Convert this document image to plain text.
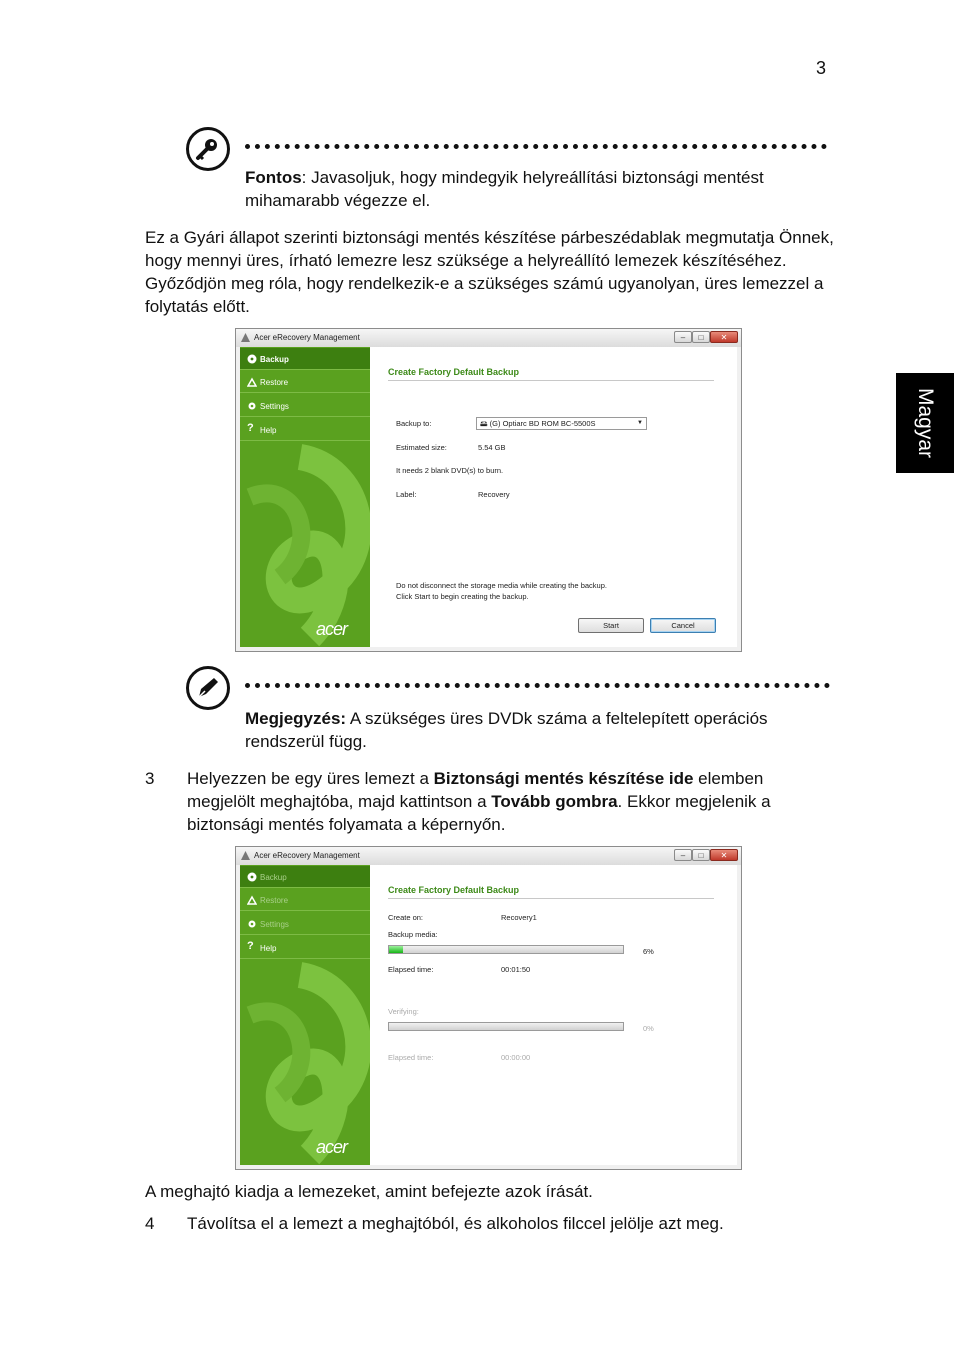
3
Magyar
Fontos: Javasoljuk, hogy mindegyik helyreállítási biztonsági mentést mihamarabb végezze el.
Ez a Gyári állapot szerinti biztonsági mentés készítése párbeszédablak megmutatja Önnek, hogy mennyi üres, írható lemezre lesz szüksége a helyreállító lemezek készítéséhez. Győződjön meg róla, hogy rendelkezik-e a szükséges számú ugyanolyan, üres lemezzel a folytatás előtt.
Acer eRecovery Management	–	□	✕
Backup
Restore
Settings
? Help
acer
Create Factory Default Backup
Backup to:	🖴 (G) Optiarc BD ROM BC-5500S	▼
Estimated size:	5.54 GB
It needs 2 blank DVD(s) to burn.
Label:	Recovery
Do not disconnect the storage media while creating the backup.
Click Start to begin creating the backup.
Start	Cancel
Megjegyzés: A szükséges üres DVDk száma a feltelepített operációs rendszerül függ.
3 Helyezzen be egy üres lemezt a Biztonsági mentés készítése ide elemben megjelölt meghajtóba, majd kattintson a Tovább gombra. Ekkor megjelenik a biztonsági mentés folyamata a képernyőn.
Acer eRecovery Management	–	□	✕
Backup
Restore
Settings
? Help
acer
Create Factory Default Backup
Create on:	Recovery1
Backup media:
6%
Elapsed time:	00:01:50
Verifying:
0%
Elapsed time:	00:00:00
A meghajtó kiadja a lemezeket, amint befejezte azok írását.
4 Távolítsa el a lemezt a meghajtóból, és alkoholos filccel jelölje azt meg.
